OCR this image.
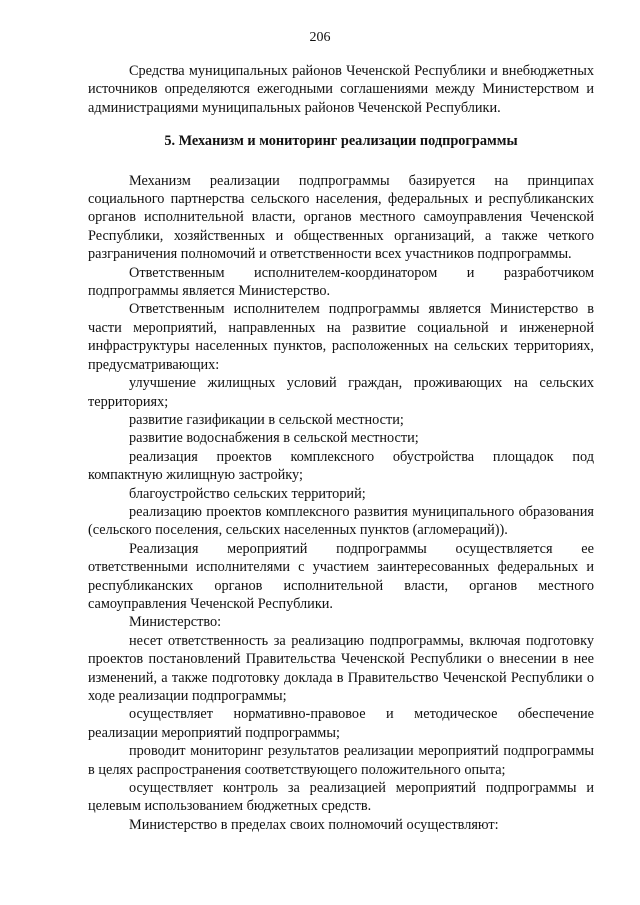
206

Средства муниципальных районов Чеченской Республики и внебюджетных источников определяются ежегодными соглашениями между Министерством и администрациями муниципальных районов Чеченской Республики.

5. Механизм и мониторинг реализации подпрограммы

Механизм реализации подпрограммы базируется на принципах социального партнерства сельского населения, федеральных и республиканских органов исполнительной власти, органов местного самоуправления Чеченской Республики, хозяйственных и общественных организаций, а также четкого разграничения полномочий и ответственности всех участников подпрограммы.

Ответственным исполнителем-координатором и разработчиком подпрограммы является Министерство.

Ответственным исполнителем подпрограммы является Министерство в части мероприятий, направленных на развитие социальной и инженерной инфраструктуры населенных пунктов, расположенных на сельских территориях, предусматривающих:

улучшение жилищных условий граждан, проживающих на сельских территориях;

развитие газификации в сельской местности;

развитие водоснабжения в сельской местности;

реализация проектов комплексного обустройства площадок под компактную жилищную застройку;

благоустройство сельских территорий;

реализацию проектов комплексного развития муниципального образования (сельского поселения, сельских населенных пунктов (агломераций)).

Реализация мероприятий подпрограммы осуществляется ее ответственными исполнителями с участием заинтересованных федеральных и республиканских органов исполнительной власти, органов местного самоуправления Чеченской Республики.

Министерство:

несет ответственность за реализацию подпрограммы, включая подготовку проектов постановлений Правительства Чеченской Республики о внесении в нее изменений, а также подготовку доклада в Правительство Чеченской Республики о ходе реализации подпрограммы;

осуществляет нормативно-правовое и методическое обеспечение реализации мероприятий подпрограммы;

проводит мониторинг результатов реализации мероприятий подпрограммы в целях распространения соответствующего положительного опыта;

осуществляет контроль за реализацией мероприятий подпрограммы и целевым использованием бюджетных средств.

Министерство в пределах своих полномочий осуществляют:
